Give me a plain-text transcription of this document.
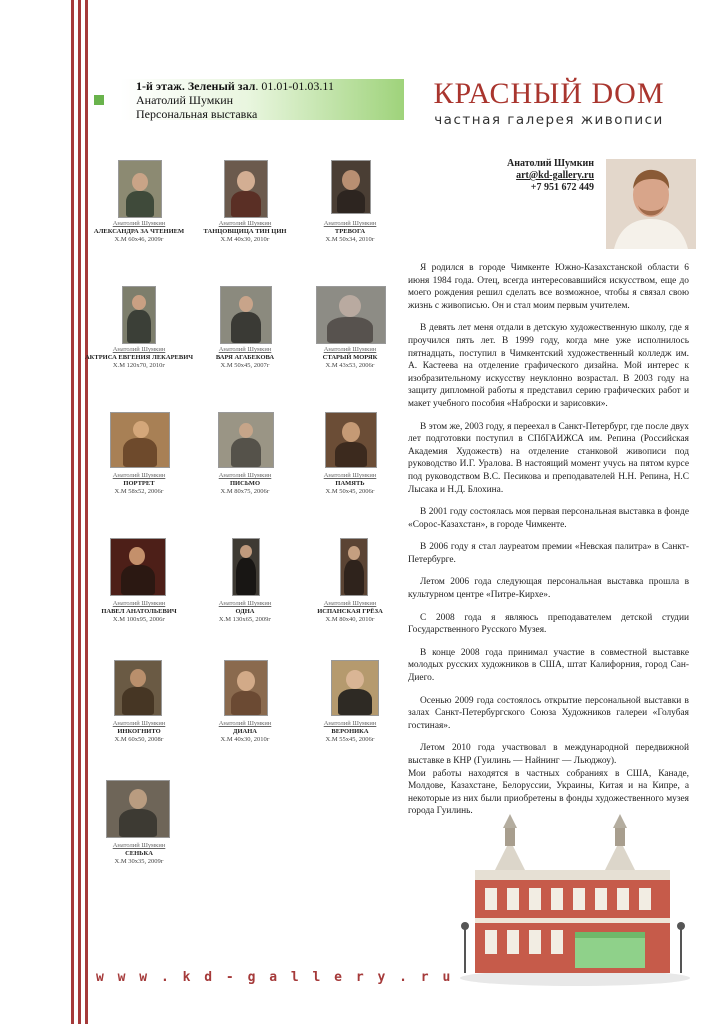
1-й этаж. Зеленый зал. 01.01-01.03.11
Анатолий Шумкин
Персональная выставка
КРАСНЫЙ DOM
частная галерея живописи
Анатолий Шумкин
АЛЕКСАНДРА ЗА ЧТЕНИЕМ
Х.М 60х46, 2009г
Анатолий Шумкин
ТАНЦОВЩИЦА ТИН ЦИН
Х.М 40х30, 2010г
Анатолий Шумкин
ТРЕВОГА
Х.М 50х34, 2010г
Анатолий Шумкин
АКТРИСА ЕВГЕНИЯ ЛЕКАРЕВИЧ
Х.М 120х70, 2010г
Анатолий Шумкин
ВАРЯ АГАБЕКОВА
Х.М 50х45, 2007г
Анатолий Шумкин
СТАРЫЙ МОРЯК
Х.М 43х53, 2006г
Анатолий Шумкин
ПОРТРЕТ
Х.М 58х52, 2006г
Анатолий Шумкин
ПИСЬМО
Х.М 80х75, 2006г
Анатолий Шумкин
ПАМЯТЬ
Х.М 50х45, 2006г
Анатолий Шумкин
ПАВЕЛ АНАТОЛЬЕВИЧ
Х.М 100х95, 2006г
Анатолий Шумкин
ОДНА
Х.М 130х65, 2009г
Анатолий Шумкин
ИСПАНСКАЯ ГРЁЗА
Х.М 80х40, 2010г
Анатолий Шумкин
ИНКОГНИТО
Х.М 60х50, 2008г
Анатолий Шумкин
ДИАНА
Х.М 40х30, 2010г
Анатолий Шумкин
ВЕРОНИКА
Х.М 55х45, 2006г
Анатолий Шумкин
СЕНЬКА
Х.М 30х35, 2009г
Анатолий Шумкин
art@kd-gallery.ru
+7 951 672 449

Я родился в городе Чимкенте Южно-Казахстанской области 6 июня 1984 года. Отец, всегда интересовавшийся искусством, еще до моего рождения решил сделать все возможное, чтобы я связал свою жизнь с живописью. Он и стал моим первым учителем.

В девять лет меня отдали в детскую художественную школу, где я проучился пять лет. В 1999 году, когда мне уже исполнилось пятнадцать, поступил в Чимкентский художественный колледж им. А. Кастеева на отделение графического дизайна. Мой интерес к изобразительному искусству неуклонно возрастал. В 2003 году на защиту дипломной работы я представил серию графических работ и макет учебного пособия «Наброски и зарисовки».

В этом же, 2003 году, я переехал в Санкт-Петербург, где после двух лет подготовки поступил в СПбГАИЖСА им. Репина (Российская Академия Художеств) на отделение станковой живописи под руководство И.Г. Уралова. В настоящий момент учусь на пятом курсе под руководством В.С. Песикова и преподавателей Н.Н. Репина, Н.С Лысака и Н.Д. Блохина.

В 2001 году состоялась моя первая персональная выставка в фонде «Сорос-Казахстан», в городе Чимкенте.

В 2006 году я стал лауреатом премии «Невская палитра» в Санкт-Петербурге.

Летом 2006 года следующая персональная выставка прошла в культурном центре «Питре-Кирхе».

С 2008 года я являюсь преподавателем детской студии Государственного Русского Музея.

В конце 2008 года принимал участие в совместной выставке молодых русских художников в США, штат Калифорния, город Сан-Диего.

Осенью 2009 года состоялось открытие персональной выставки в залах Санкт-Петербургского Союза Художников галереи «Голубая гостиная».

Летом 2010 года участвовал в международной передвижной выставке в КНР (Гуилинь — Найнинг — Льюджоу).

Мои работы находятся в частных собраниях в США, Канаде, Молдове, Казахстане, Белоруссии, Украины, Китая и на Кипре, а некоторые из них были приобретены в фонды художественного музея города Гуилинь.

w w w . k d - g a l l e r y . r u
